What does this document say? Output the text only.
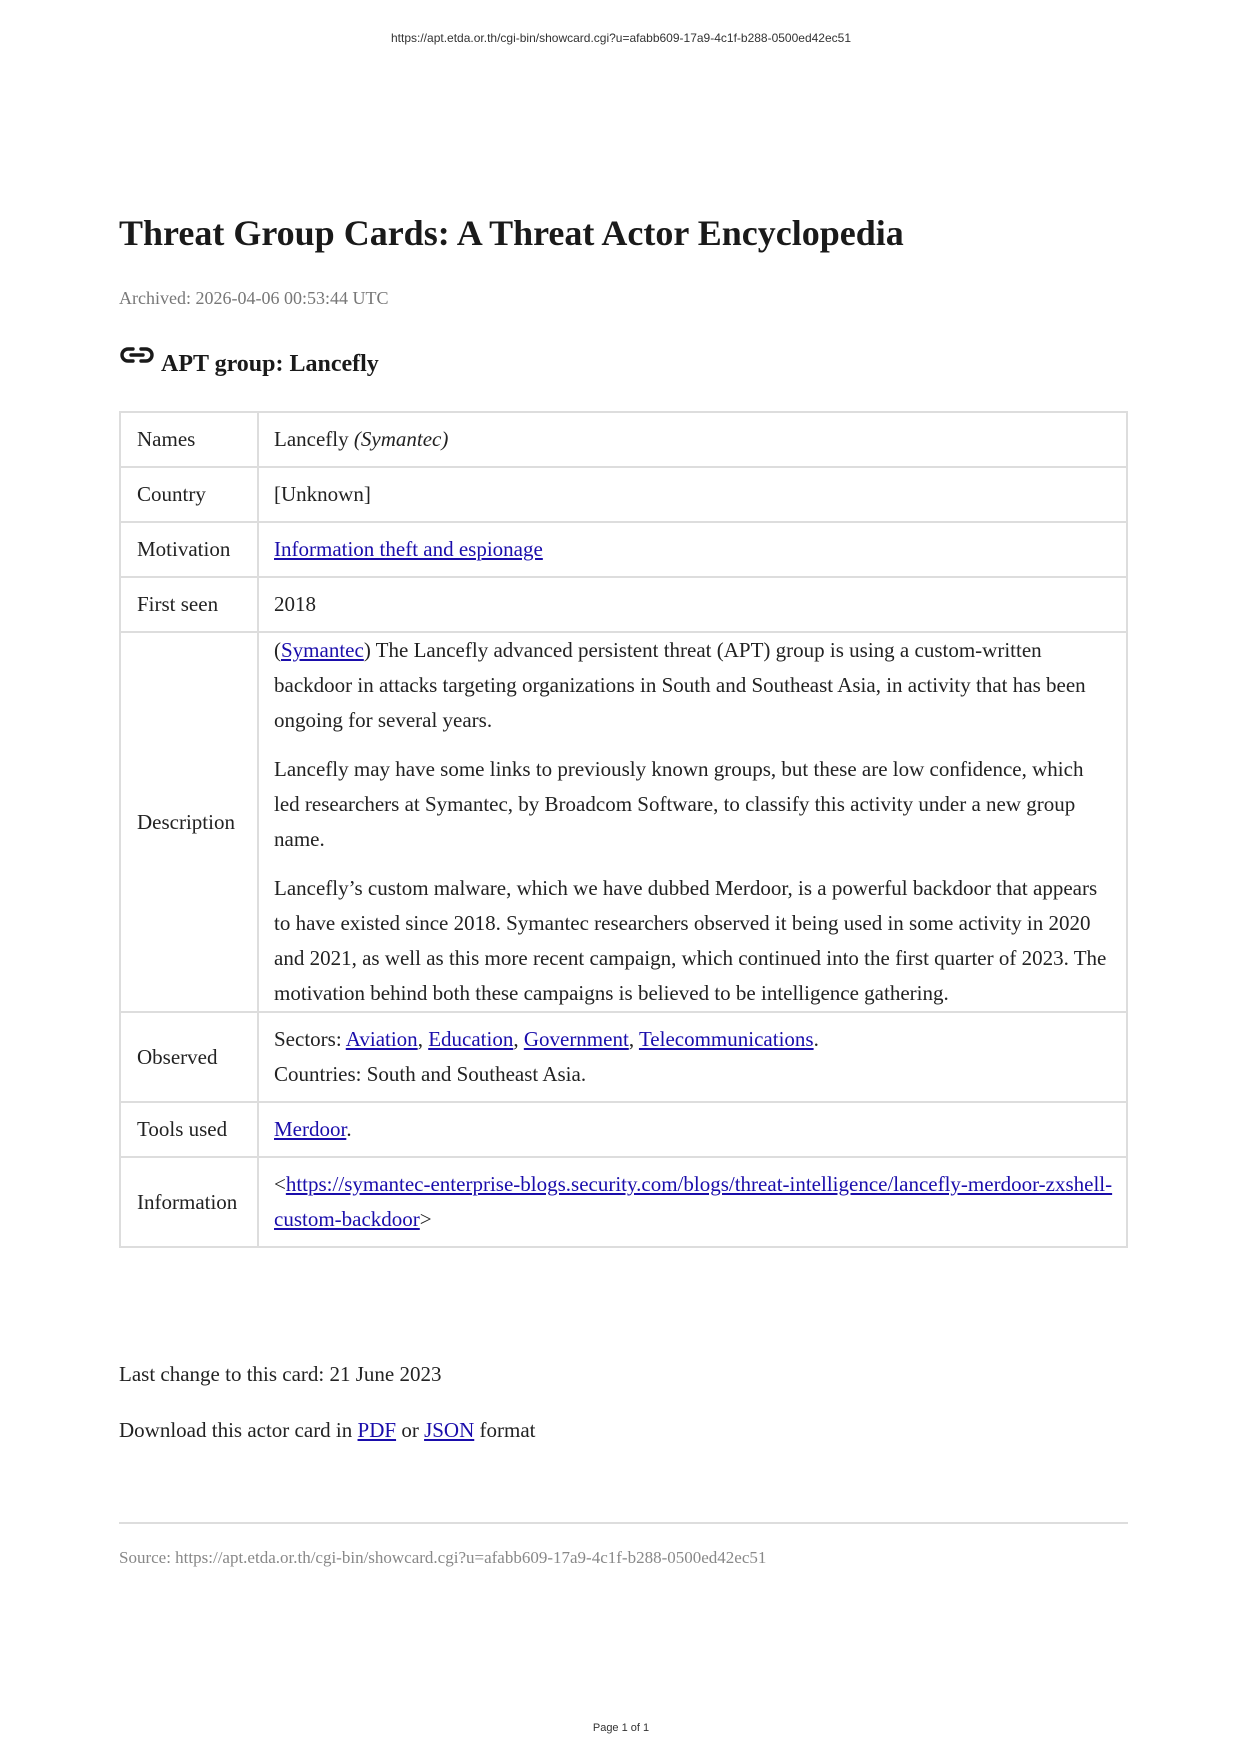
https://apt.etda.or.th/cgi-bin/showcard.cgi?u=afabb609-17a9-4c1f-b288-0500ed42ec51
Threat Group Cards: A Threat Actor Encyclopedia
Archived: 2026-04-06 00:53:44 UTC
APT group: Lancefly
Names	Lancefly (Symantec)
Country	[Unknown]
Motivation	Information theft and espionage
First seen	2018
Description	(Symantec) The Lancefly advanced persistent threat (APT) group is using a custom-written backdoor in attacks targeting organizations in South and Southeast Asia, in activity that has been ongoing for several years.

Lancefly may have some links to previously known groups, but these are low confidence, which led researchers at Symantec, by Broadcom Software, to classify this activity under a new group name.

Lancefly’s custom malware, which we have dubbed Merdoor, is a powerful backdoor that appears to have existed since 2018. Symantec researchers observed it being used in some activity in 2020 and 2021, as well as this more recent campaign, which continued into the first quarter of 2023. The motivation behind both these campaigns is believed to be intelligence gathering.

Observed	Sectors: Aviation, Education, Government, Telecommunications.
Countries: South and Southeast Asia.

Tools used	Merdoor.
Information	<https://symantec-enterprise-blogs.security.com/blogs/threat-intelligence/lancefly-merdoor-zxshell-custom-backdoor>
Last change to this card: 21 June 2023
Download this actor card in PDF or JSON format
Source: https://apt.etda.or.th/cgi-bin/showcard.cgi?u=afabb609-17a9-4c1f-b288-0500ed42ec51
Page 1 of 1
